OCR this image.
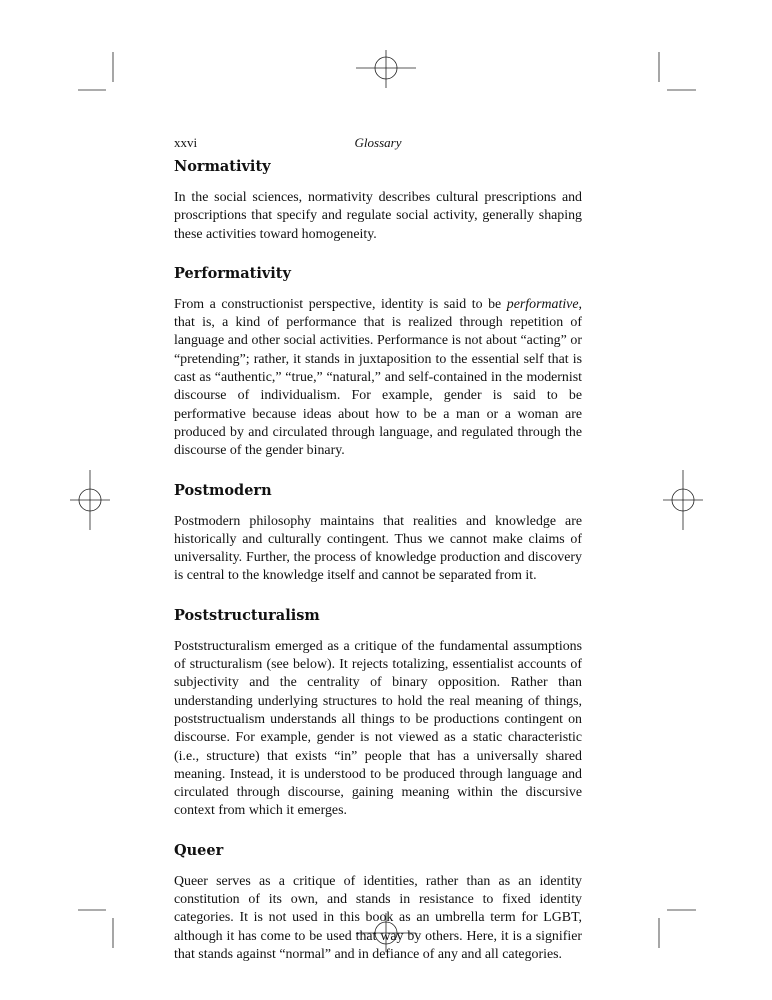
xxvi	Glossary
Normativity

In the social sciences, normativity describes cultural prescriptions and proscriptions that specify and regulate social activity, generally shaping these activities toward homogeneity.

Performativity

From a constructionist perspective, identity is said to be performative, that is, a kind of performance that is realized through repetition of language and other social activities. Performance is not about “acting” or “pretending”; rather, it stands in juxtaposition to the essential self that is cast as “authentic,” “true,” “natural,” and self-contained in the modernist discourse of individualism. For example, gender is said to be performative because ideas about how to be a man or a woman are produced by and circulated through language, and regulated through the discourse of the gender binary.

Postmodern

Postmodern philosophy maintains that realities and knowledge are historically and culturally contingent. Thus we cannot make claims of universality. Further, the process of knowledge production and discovery is central to the knowledge itself and cannot be separated from it.

Poststructuralism

Poststructuralism emerged as a critique of the fundamental assumptions of structuralism (see below). It rejects totalizing, essentialist accounts of subjectivity and the centrality of binary opposition. Rather than understanding underlying structures to hold the real meaning of things, poststructualism understands all things to be productions contingent on discourse. For example, gender is not viewed as a static characteristic (i.e., structure) that exists “in” people that has a universally shared meaning. Instead, it is understood to be produced through language and circulated through discourse, gaining meaning within the discursive context from which it emerges.

Queer

Queer serves as a critique of identities, rather than as an identity constitution of its own, and stands in resistance to fixed identity categories. It is not used in this book as an umbrella term for LGBT, although it has come to be used that way by others. Here, it is a signifier that stands against “normal” and in defiance of any and all categories.
